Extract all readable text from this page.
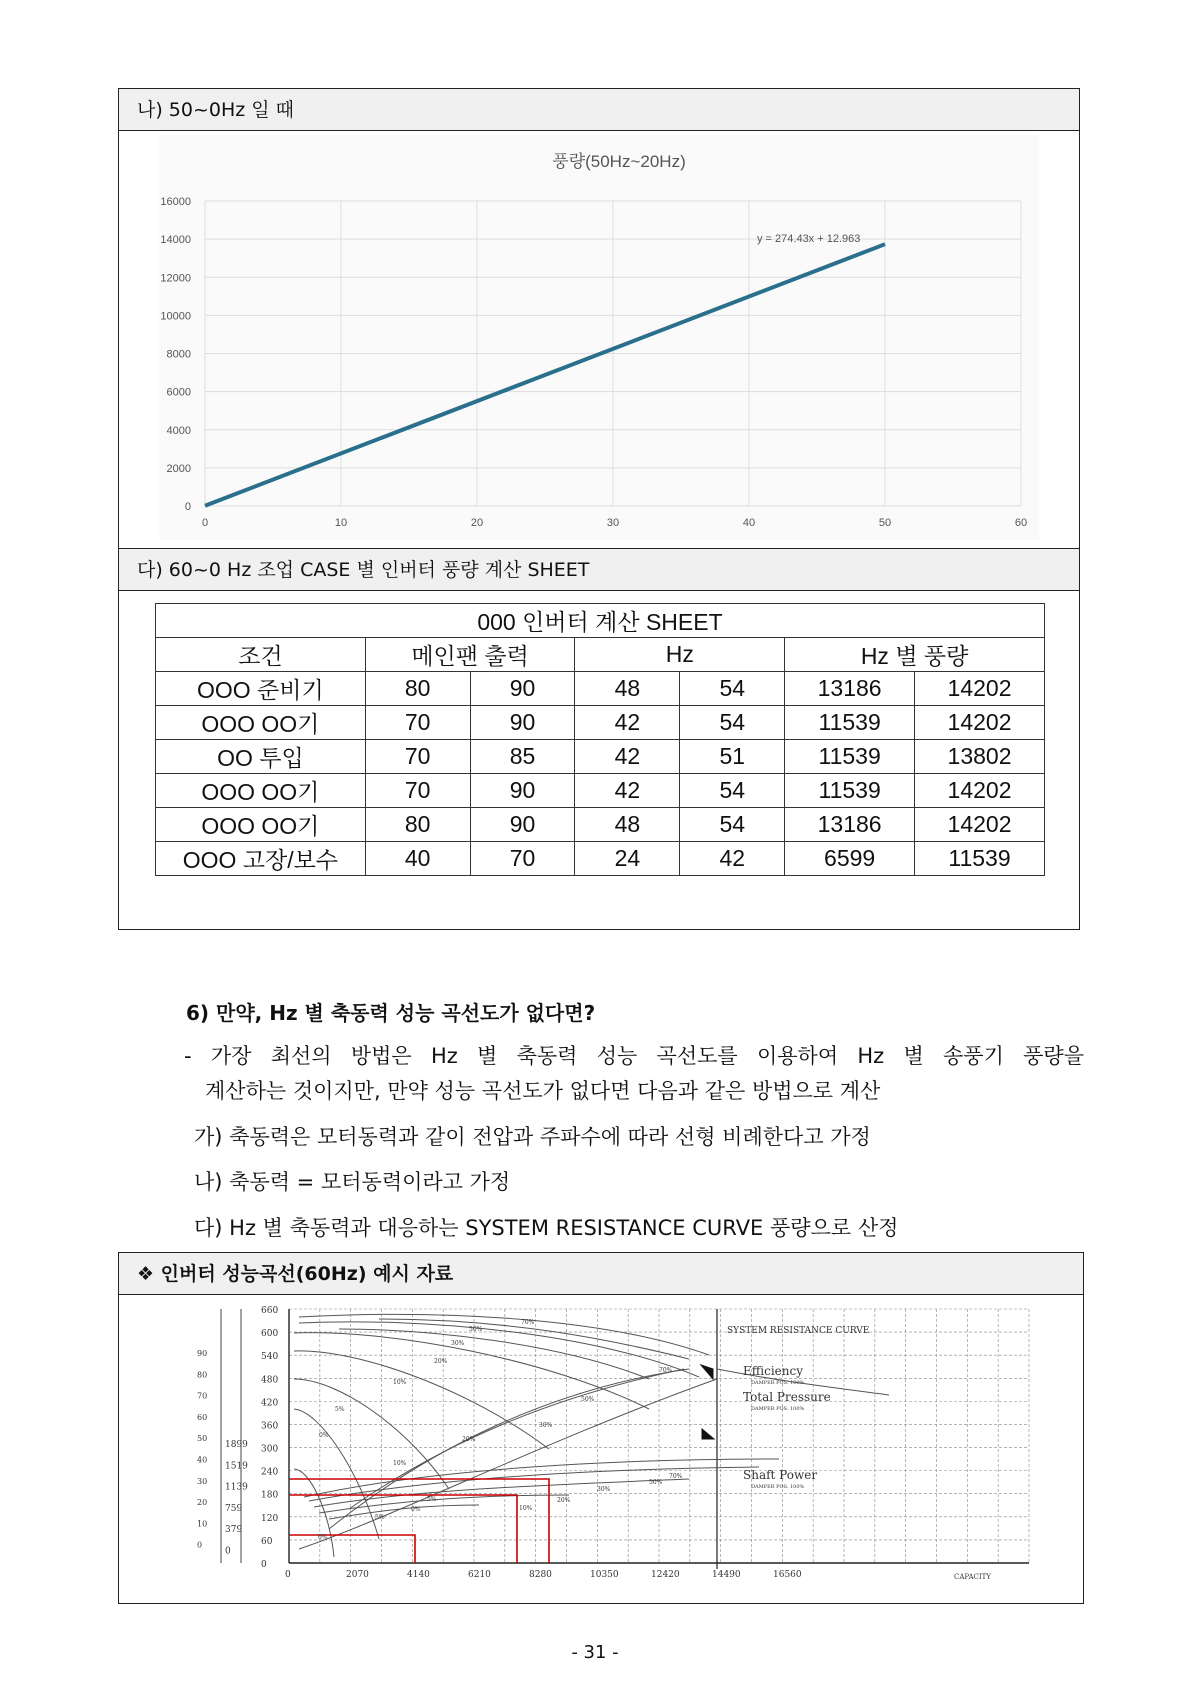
나) 50~0Hz 일 때
풍량(50Hz~20Hz)
0
2000
4000
6000
8000
10000
12000
14000
16000
0	10	20	30	40	50	60
y = 274.43x + 12.963
다) 60~0 Hz 조업 CASE 별 인버터 풍량 계산 SHEET
000 인버터 계산 SHEET						
조건	메인팬 출력		Hz		Hz 별 풍량	
OOO 준비기	80	90	48	54	13186	14202
OOO OO기	70	90	42	54	11539	14202
OO 투입	70	85	42	51	11539	13802
OOO OO기	70	90	42	54	11539	14202
OOO OO기	80	90	48	54	13186	14202
OOO 고장/보수	40	70	24	42	6599	11539
6) 만약, Hz 별 축동력 성능 곡선도가 없다면?
- 가장 최선의 방법은 Hz 별 축동력 성능 곡선도를 이용하여 Hz 별 송풍기 풍량을
계산하는 것이지만, 만약 성능 곡선도가 없다면 다음과 같은 방법으로 계산
가) 축동력은 모터동력과 같이 전압과 주파수에 따라 선형 비례한다고 가정
나) 축동력 = 모터동력이라고 가정
다) Hz 별 축동력과 대응하는 SYSTEM RESISTANCE CURVE 풍량으로 산정
❖ 인버터 성능곡선(60Hz) 예시 자료
660
600
540
480
420
360
300
240
180
120
60
0
90
80
70
60
50
40
30
20
10
0
1899
1519
1139
759
379
0
0	2070	4140	6210	8280	10350	12420	14490	16560	CAPACITY
SYSTEM RESISTANCE CURVE
Efficiency
DAMPER POS. 100%
Total Pressure
DAMPER POS. 100%
Shaft Power
DAMPER POS. 100%
70%
50%
30%
20%
10%
5%
0%
70%
50%
30%
20%
10%
5%
0%
70%
50%
30%
20%
10%
5%
0%
- 31 -
